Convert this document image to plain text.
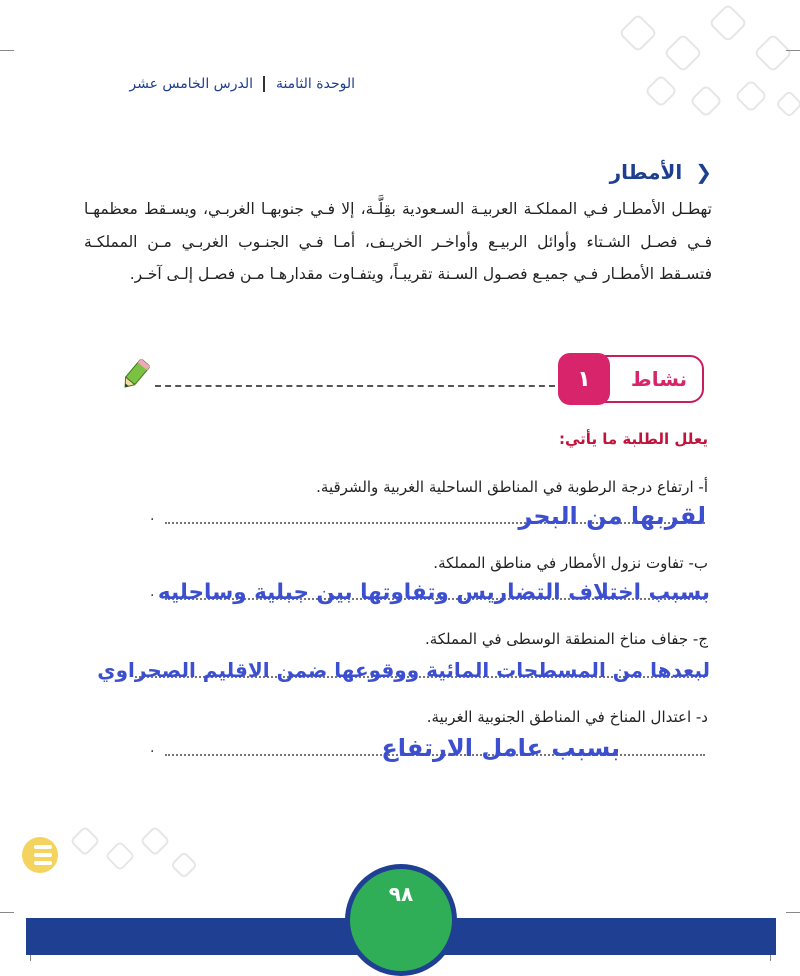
الوحدة الثامنة  الدرس الخامس عشر
❮ الأمطار
تهطـل الأمطـار فـي المملكـة العربيـة السـعودية بقِلَّـة، إلا فـي جنوبهـا الغربـي، ويسـقط معظمهـا فـي فصـل الشـتاء وأوائل الربيـع وأواخـر الخريـف، أمـا فـي الجنـوب الغربـي مـن المملكـة فتسـقط الأمطـار فـي جميـع فصـول السـنة تقريبـاً، ويتفـاوت مقدارهـا مـن فصـل إلـى آخـر.
١	نشاط
يعلل الطلبة ما يأتي:
أ- ارتفاع درجة الرطوبة في المناطق الساحلية الغربية والشرقية.
.	لقربها من البحر
ب- تفاوت نزول الأمطار في مناطق المملكة.
. بسبب اختلاف التضاريس وتفاوتها بين جبلية وساحليه
ج- جفاف مناخ المنطقة الوسطى في المملكة.
لبعدها من المسطحات المائية ووقوعها ضمن الاقليم الصحراوي
د- اعتدال المناخ في المناطق الجنوبية الغربية.
.	بسبب عامل الارتفاع
٩٨
